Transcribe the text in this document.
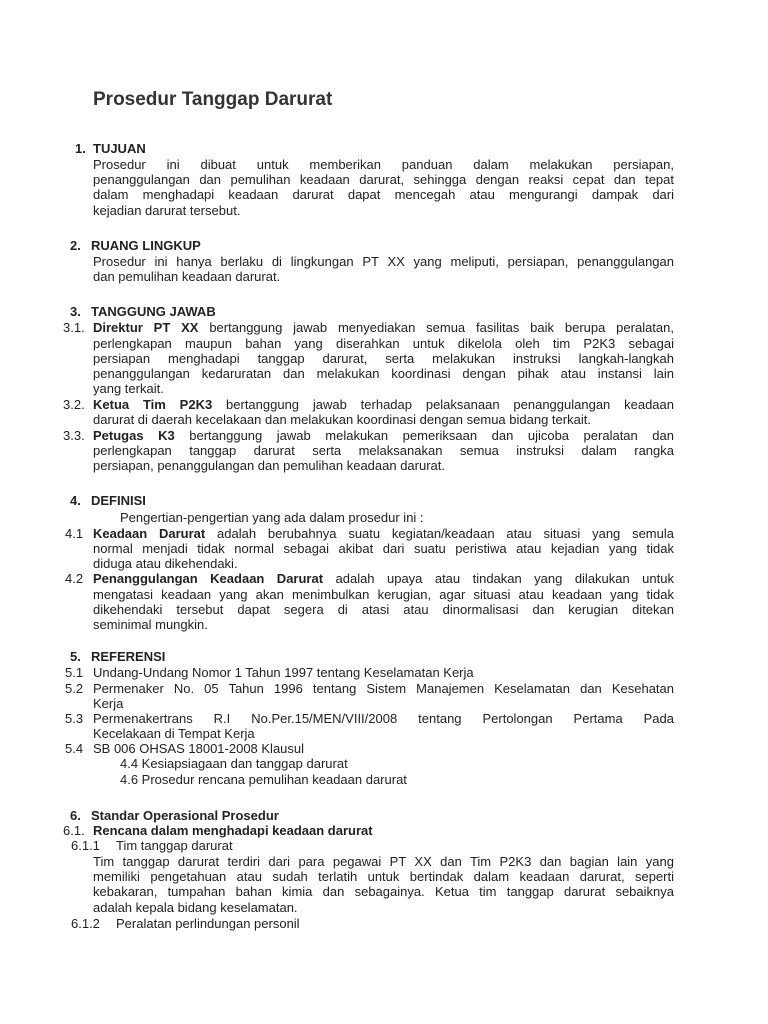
Prosedur Tanggap Darurat
1. TUJUAN
Prosedur ini dibuat untuk memberikan panduan dalam melakukan persiapan,
penanggulangan dan pemulihan keadaan darurat, sehingga dengan reaksi cepat dan tepat
dalam menghadapi keadaan darurat dapat mencegah atau mengurangi dampak dari
kejadian darurat tersebut.
2. RUANG LINGKUP
Prosedur ini hanya berlaku di lingkungan PT XX yang meliputi, persiapan, penanggulangan
dan pemulihan keadaan darurat.
3. TANGGUNG JAWAB
3.1. Direktur PT XX bertanggung jawab menyediakan semua fasilitas baik berupa peralatan,
perlengkapan maupun bahan yang diserahkan untuk dikelola oleh tim P2K3 sebagai
persiapan menghadapi tanggap darurat, serta melakukan instruksi langkah-langkah
penanggulangan kedaruratan dan melakukan koordinasi dengan pihak atau instansi lain
yang terkait.
3.2. Ketua Tim P2K3 bertanggung jawab terhadap pelaksanaan penanggulangan keadaan
darurat di daerah kecelakaan dan melakukan koordinasi dengan semua bidang terkait.
3.3. Petugas K3 bertanggung jawab melakukan pemeriksaan dan ujicoba peralatan dan
perlengkapan tanggap darurat serta melaksanakan semua instruksi dalam rangka
persiapan, penanggulangan dan pemulihan keadaan darurat.
4. DEFINISI
Pengertian-pengertian yang ada dalam prosedur ini :
4.1 Keadaan Darurat adalah berubahnya suatu kegiatan/keadaan atau situasi yang semula
normal menjadi tidak normal sebagai akibat dari suatu peristiwa atau kejadian yang tidak
diduga atau dikehendaki.
4.2 Penanggulangan Keadaan Darurat adalah upaya atau tindakan yang dilakukan untuk
mengatasi keadaan yang akan menimbulkan kerugian, agar situasi atau keadaan yang tidak
dikehendaki tersebut dapat segera di atasi atau dinormalisasi dan kerugian ditekan
seminimal mungkin.
5. REFERENSI
5.1 Undang-Undang Nomor 1 Tahun 1997 tentang Keselamatan Kerja
5.2 Permenaker No. 05 Tahun 1996 tentang Sistem Manajemen Keselamatan dan Kesehatan
Kerja
5.3 Permenakertrans R.I No.Per.15/MEN/VIII/2008 tentang Pertolongan Pertama Pada
Kecelakaan di Tempat Kerja
5.4 SB 006 OHSAS 18001-2008 Klausul
4.4 Kesiapsiagaan dan tanggap darurat
4.6 Prosedur rencana pemulihan keadaan darurat
6. Standar Operasional Prosedur
6.1. Rencana dalam menghadapi keadaan darurat
6.1.1 Tim tanggap darurat
Tim tanggap darurat terdiri dari para pegawai PT XX dan Tim P2K3 dan bagian lain yang
memiliki pengetahuan atau sudah terlatih untuk bertindak dalam keadaan darurat, seperti
kebakaran, tumpahan bahan kimia dan sebagainya. Ketua tim tanggap darurat sebaiknya
adalah kepala bidang keselamatan.
6.1.2 Peralatan perlindungan personil
